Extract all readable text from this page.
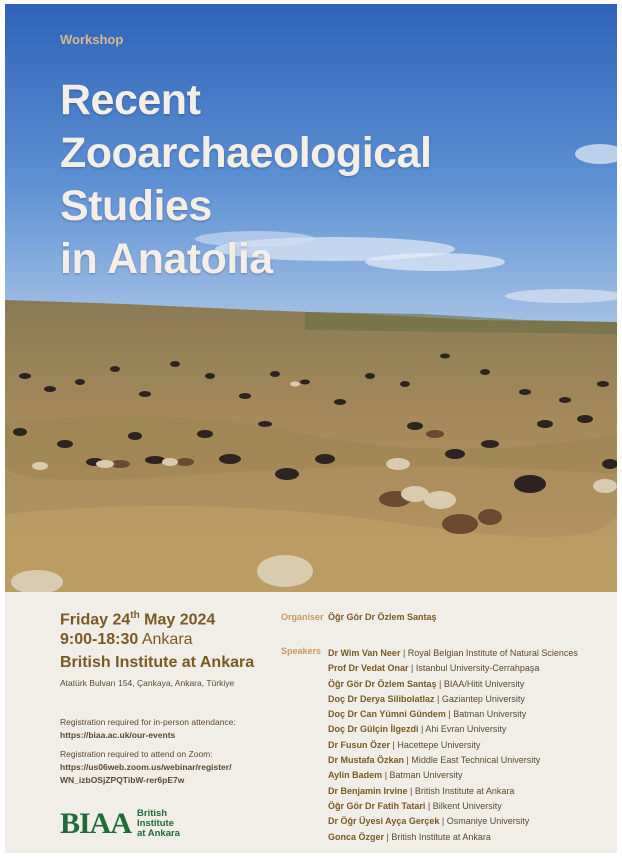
Workshop
Recent
Zooarchaeological
Studies
in Anatolia
Friday 24th May 2024
9:00-18:30 Ankara
British Institute at Ankara
Atatürk Bulvarı 154, Çankaya, Ankara, Türkiye
Registration required for in-person attendance:
https://biaa.ac.uk/our-events
Registration required to attend on Zoom:
https://us06web.zoom.us/webinar/register/
WN_izbOSjZPQTibW-rer6pE7w
BIAA British
Institute
at Ankara
Organiser Öğr Gör Dr Özlem Santaş
Speakers Dr Wim Van Neer | Royal Belgian Institute of Natural Sciences
Prof Dr Vedat Onar | Istanbul University-Cerrahpaşa
Öğr Gör Dr Özlem Santaş | BIAA/Hitit University
Doç Dr Derya Silibolatlaz | Gaziantep University
Doç Dr Can Yümni Gündem | Batman University
Doç Dr Gülçin İlgezdi | Ahi Evran University
Dr Fusun Özer | Hacettepe University
Dr Mustafa Özkan | Middle East Technical University
Aylin Badem | Batman University
Dr Benjamin Irvine | British Institute at Ankara
Öğr Gör Dr Fatih Tatari | Bilkent University
Dr Öğr Üyesi Ayça Gerçek | Osmaniye University
Gonca Özger | British Institute at Ankara
